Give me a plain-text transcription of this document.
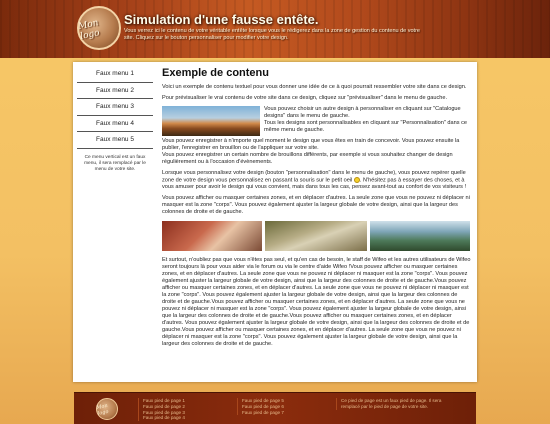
Mon logo
Simulation d'une fausse entête.
Vous verrez ici le contenu de votre véritable entête lorsque vous le rédigerez dans la zone de gestion du contenu de votre site. Cliquez sur le bouton personnaliser pour modifier votre design.
Faux menu 1
Faux menu 2
Faux menu 3
Faux menu 4
Faux menu 5
Ce menu vertical est un faux menu, il sera remplacé par le menu de votre site.
Exemple de contenu

Voici un exemple de contenu textuel pour vous donner une idée de ce à quoi pourrait ressembler votre site dans ce design.

Pour prévisualiser le vrai contenu de votre site dans ce design, cliquez sur "prévisualiser" dans le menu de gauche.

Vous pouvez choisir un autre design à personnaliser en cliquant sur "Catalogue designs" dans le menu de gauche.

Tous les designs sont personnalisables en cliquant sur "Personnalisation" dans ce même menu de gauche.

Vous pouvez enregistrer à n'importe quel moment le design que vous êtes en train de concevoir. Vous pouvez ensuite la publier, l'enregistrer en brouillon ou de l'appliquer sur votre site.

Vous pouvez enregistrer un certain nombre de brouillons différents, par exemple si vous souhaitez changer de design régulièrement ou à l'occasion d'évènements.

Lorsque vous personnalisez votre design (bouton "personnalisation" dans le menu de gauche), vous pouvez repérer quelle zone de votre design vous personnalisez en passant la souris sur le petit oeil . N'hésitez pas à essayer des choses, et à vous amuser pour avoir le design qui vous convient, mais dans tous les cas, pensez avant-tout au confort de vos visiteurs !

Vous pouvez afficher ou masquer certaines zones, et en déplacer d'autres. La seule zone que vous ne pouvez ni déplacer ni masquer est la zone "corps". Vous pouvez également ajuster la largeur globale de votre design, ainsi que la largeur des colonnes de droite et de gauche.

Et surtout, n'oubliez pas que vous n'êtes pas seul, et qu'en cas de besoin, le staff de Wifeo et les autres utilisateurs de Wifeo seront toujours là pour vous aider via le forum ou via le centre d'aide Wifeo !Vous pouvez afficher ou masquer certaines zones, et en déplacer d'autres. La seule zone que vous ne pouvez ni déplacer ni masquer est la zone "corps". Vous pouvez également ajuster la largeur globale de votre design, ainsi que la largeur des colonnes de droite et de gauche.Vous pouvez afficher ou masquer certaines zones, et en déplacer d'autres. La seule zone que vous ne pouvez ni déplacer ni masquer est la zone "corps". Vous pouvez également ajuster la largeur globale de votre design, ainsi que la largeur des colonnes de droite et de gauche.Vous pouvez afficher ou masquer certaines zones, et en déplacer d'autres. La seule zone que vous ne pouvez ni déplacer ni masquer est la zone "corps". Vous pouvez également ajuster la largeur globale de votre design, ainsi que la largeur des colonnes de droite et de gauche.Vous pouvez afficher ou masquer certaines zones, et en déplacer d'autres. Vous pouvez également ajuster la largeur globale de votre design, ainsi que la largeur des colonnes de droite et de gauche.Vous pouvez afficher ou masquer certaines zones, et en déplacer d'autres. La seule zone que vous ne pouvez ni déplacer ni masquer est la zone "corps". Vous pouvez également ajuster la largeur globale de votre design, ainsi que la largeur des colonnes de droite et de gauche.

Mon logo
Faux pied de page 1
Faux pied de page 2
Faux pied de page 3
Faux pied de page 4
Faux pied de page 5
Faux pied de page 6
Faux pied de page 7
Ce pied de page est un faux pied de page. Il sera remplacé par le pied de page de votre site.
